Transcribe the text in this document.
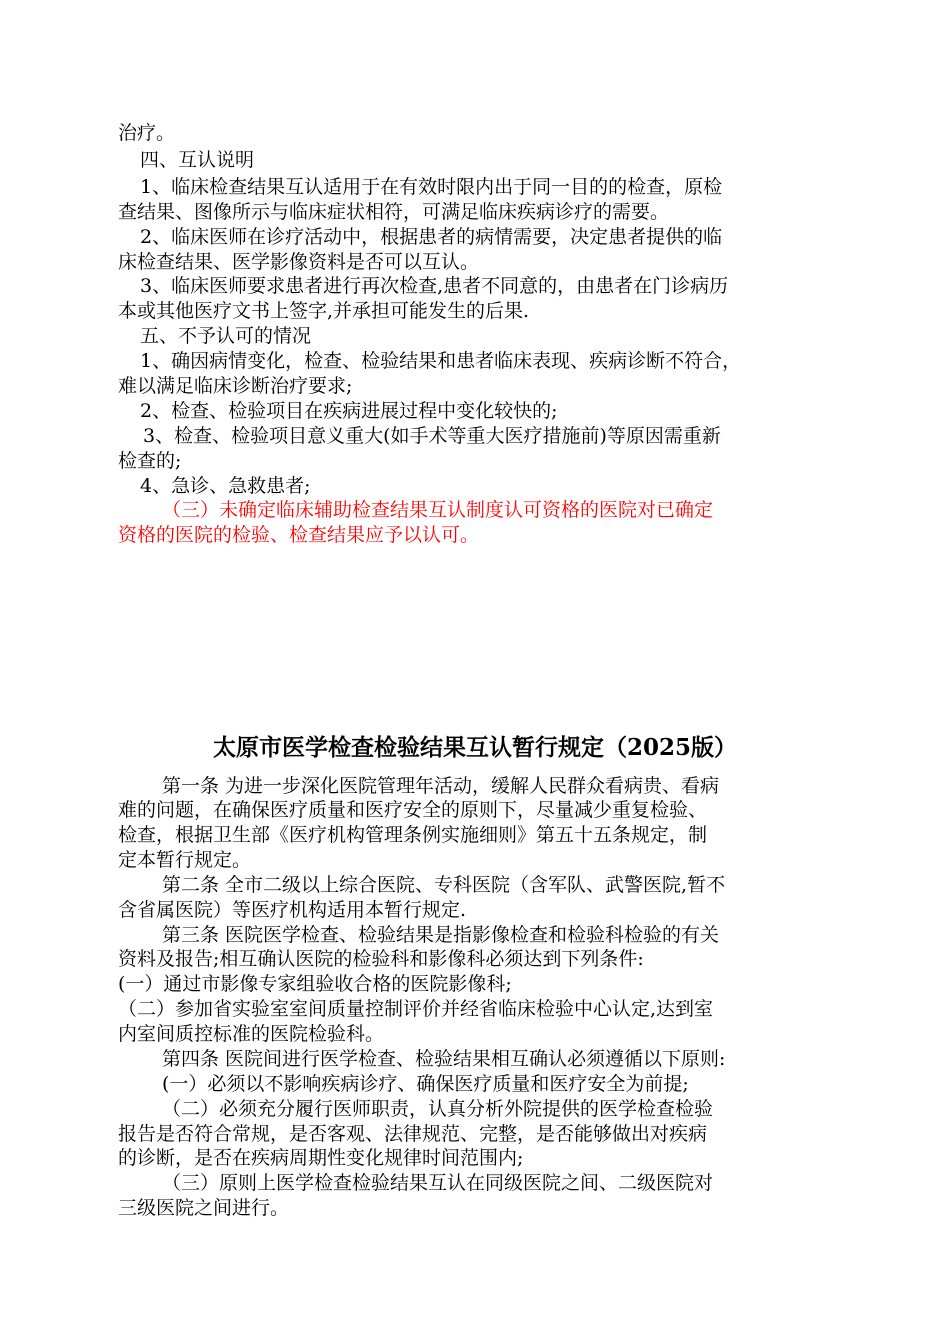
治疗。
四、互认说明
1、临床检查结果互认适用于在有效时限内出于同一目的的检查，原检
查结果、图像所示与临床症状相符，可满足临床疾病诊疗的需要。
2、临床医师在诊疗活动中，根据患者的病情需要，决定患者提供的临
床检查结果、医学影像资料是否可以互认。
3、临床医师要求患者进行再次检查,患者不同意的，由患者在门诊病历
本或其他医疗文书上签字,并承担可能发生的后果.
五、不予认可的情况
1、确因病情变化，检查、检验结果和患者临床表现、疾病诊断不符合，
难以满足临床诊断治疗要求;
2、检查、检验项目在疾病进展过程中变化较快的;
3、检查、检验项目意义重大(如手术等重大医疗措施前)等原因需重新
检查的;
4、急诊、急救患者;
（三）未确定临床辅助检查结果互认制度认可资格的医院对已确定
资格的医院的检验、检查结果应予以认可。
太原市医学检查检验结果互认暂行规定（2025版）
第一条 为进一步深化医院管理年活动，缓解人民群众看病贵、看病
难的问题，在确保医疗质量和医疗安全的原则下，尽量减少重复检验、
检查，根据卫生部《医疗机构管理条例实施细则》第五十五条规定，制
定本暂行规定。
第二条 全市二级以上综合医院、专科医院（含军队、武警医院,暂不
含省属医院）等医疗机构适用本暂行规定.
第三条 医院医学检查、检验结果是指影像检查和检验科检验的有关
资料及报告;相互确认医院的检验科和影像科必须达到下列条件:
(一）通过市影像专家组验收合格的医院影像科;
（二）参加省实验室室间质量控制评价并经省临床检验中心认定,达到室
内室间质控标准的医院检验科。
第四条 医院间进行医学检查、检验结果相互确认必须遵循以下原则:
(一）必须以不影响疾病诊疗、确保医疗质量和医疗安全为前提;
（二）必须充分履行医师职责，认真分析外院提供的医学检查检验
报告是否符合常规，是否客观、法律规范、完整，是否能够做出对疾病
的诊断，是否在疾病周期性变化规律时间范围内;
（三）原则上医学检查检验结果互认在同级医院之间、二级医院对
三级医院之间进行。
